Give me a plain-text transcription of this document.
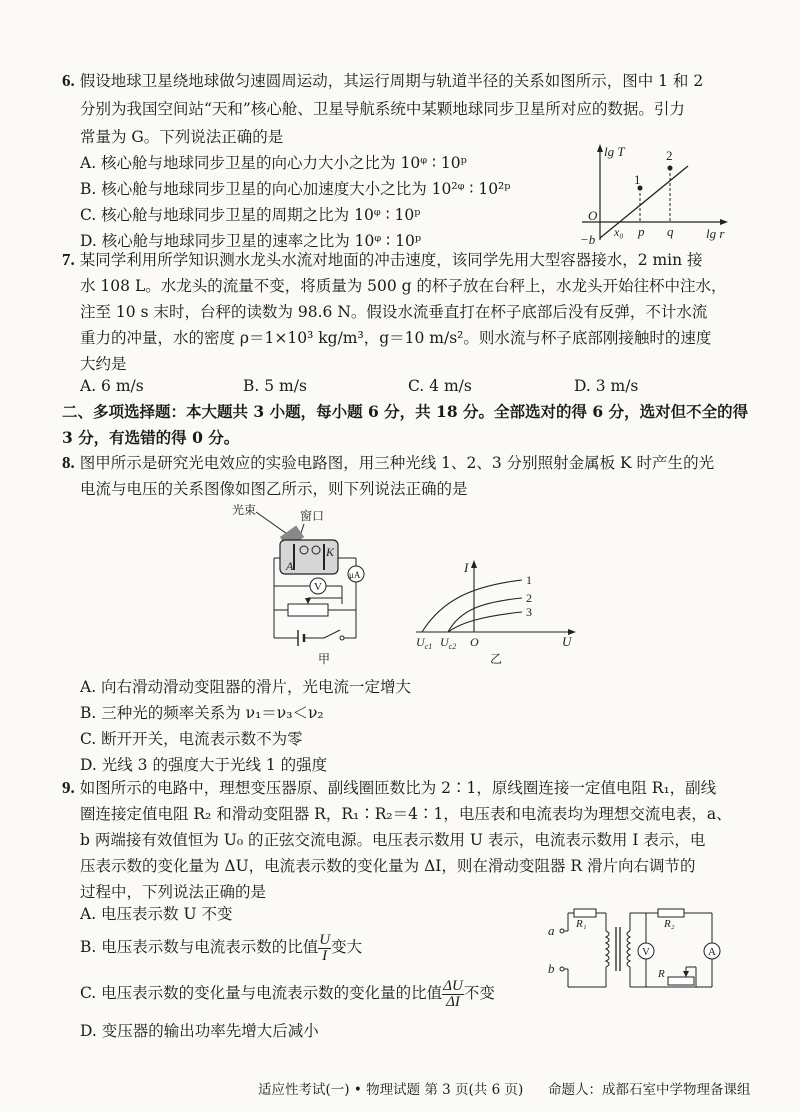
6. 假设地球卫星绕地球做匀速圆周运动，其运行周期与轨道半径的关系如图所示，图中 1 和 2
分别为我国空间站“天和”核心舱、卫星导航系统中某颗地球同步卫星所对应的数据。引力
常量为 G。下列说法正确的是
A. 核心舱与地球同步卫星的向心力大小之比为 10ᵠ ∶ 10ᵖ
B. 核心舱与地球同步卫星的向心加速度大小之比为 10²ᵠ ∶ 10²ᵖ
C. 核心舱与地球同步卫星的周期之比为 10ᵠ ∶ 10ᵖ
D. 核心舱与地球同步卫星的速率之比为 10ᵠ ∶ 10ᵖ
lg T
lg r
O
−b x₀ p q
1
2
7. 某同学利用所学知识测水龙头水流对地面的冲击速度，该同学先用大型容器接水，2 min 接
水 108 L。水龙头的流量不变，将质量为 500 g 的杯子放在台秤上，水龙头开始往杯中注水，
注至 10 s 末时，台秤的读数为 98.6 N。假设水流垂直打在杯子底部后没有反弹，不计水流
重力的冲量，水的密度 ρ＝1×10³ kg/m³，g＝10 m/s²。则水流与杯子底部刚接触时的速度
大约是
A. 6 m/s	B. 5 m/s	C. 4 m/s	D. 3 m/s
二、多项选择题：本大题共 3 小题，每小题 6 分，共 18 分。全部选对的得 6 分，选对但不全的得
3 分，有选错的得 0 分。
8. 图甲所示是研究光电效应的实验电路图，用三种光线 1、2、3 分别照射金属板 K 时产生的光
电流与电压的关系图像如图乙所示，则下列说法正确的是
光束	窗口
A
K
μA
V
甲
I
U
O
$U_{c1}$ $U_{c2}$
1
2
3
乙
A. 向右滑动滑动变阻器的滑片，光电流一定增大
B. 三种光的频率关系为 ν₁＝ν₃＜ν₂
C. 断开开关，电流表示数不为零
D. 光线 3 的强度大于光线 1 的强度
9. 如图所示的电路中，理想变压器原、副线圈匝数比为 2∶1，原线圈连接一定值电阻 R₁，副线
圈连接定值电阻 R₂ 和滑动变阻器 R，R₁∶R₂＝4∶1，电压表和电流表均为理想交流电表，a、
b 两端接有效值恒为 U₀ 的正弦交流电源。电压表示数用 U 表示，电流表示数用 I 表示，电
压表示数的变化量为 ΔU，电流表示数的变化量为 ΔI，则在滑动变阻器 R 滑片向右调节的
过程中，下列说法正确的是
A. 电压表示数 U 不变
B. 电压表示数与电流表示数的比值 $\frac{U}{I}$ 变大
C. 电压表示数的变化量与电流表示数的变化量的比值 $\frac{\Delta U}{\Delta I}$ 不变
D. 变压器的输出功率先增大后减小
a
b
R₁	R₂
V	A
R
适应性考试(一) • 物理试题 第 3 页(共 6 页) 命题人：成都石室中学物理备课组
